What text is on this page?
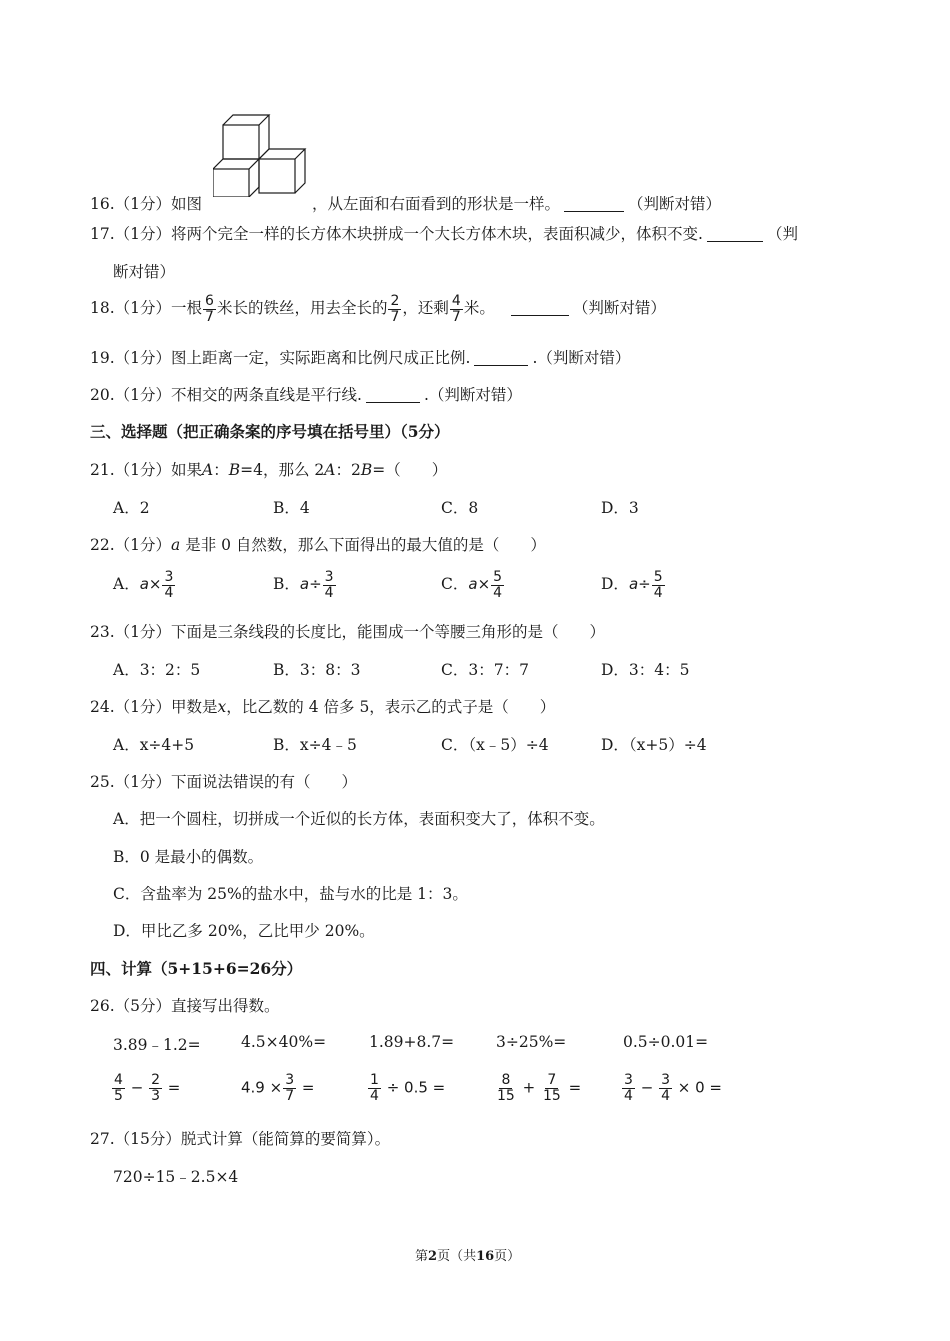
16.（1分）如图	，从左面和右面看到的形状是一样。	（判断对错）
17.（1分）将两个完全一样的长方体木块拼成一个大长方体木块，表面积减少，体积不变.	（判
断对错）
18.（1分）一根 $\frac{6}{7}$ 米长的铁丝，用去全长的 $\frac{2}{7}$ ，还剩 $\frac{4}{7}$ 米。	（判断对错）
19.（1分）图上距离一定，实际距离和比例尺成正比例.	.（判断对错）
20.（1分）不相交的两条直线是平行线.	.（判断对错）
三、选择题（把正确条案的序号填在括号里）（5分）
21.（1分）如果A：B=4，那么 2A：2B=（　　）
A．2	B．4	C．8	D．3
22.（1分）a 是非 0 自然数，那么下面得出的最大值的是（　　）
A．$a\times \frac{3}{4}$	B．$a\div \frac{3}{4}$	C．$a\times \frac{5}{4}$	D．$a\div \frac{5}{4}$
23.（1分）下面是三条线段的长度比，能围成一个等腰三角形的是（　　）
A．3：2：5	B．3：8：3	C．3：7：7	D．3：4：5
24.（1分）甲数是x，比乙数的 4 倍多 5，表示乙的式子是（　　）
A．x÷4+5	B．x÷4﹣5	C．（x﹣5）÷4	D．（x+5）÷4
25.（1分）下面说法错误的有（　　）
A．把一个圆柱，切拼成一个近似的长方体，表面积变大了，体积不变。
B．0 是最小的偶数。
C．含盐率为 25%的盐水中，盐与水的比是 1：3。
D．甲比乙多 20%，乙比甲少 20%。
四、计算（5+15+6=26分）
26.（5分）直接写出得数。
3.89﹣1.2=	4.5×40%=	1.89+8.7=	3÷25%=	0.5÷0.01=
$\frac{4}{5} - \frac{2}{3}$ =	$4.9 \times \frac{3}{7}$ =	$\frac{1}{4} \div 0.5$ =	$\frac{8}{15} + \frac{7}{15}$ =	$\frac{3}{4} - \frac{3}{4} \times 0$ =
27.（15分）脱式计算（能简算的要简算）。
720÷15﹣2.5×4
第2页（共16页）
